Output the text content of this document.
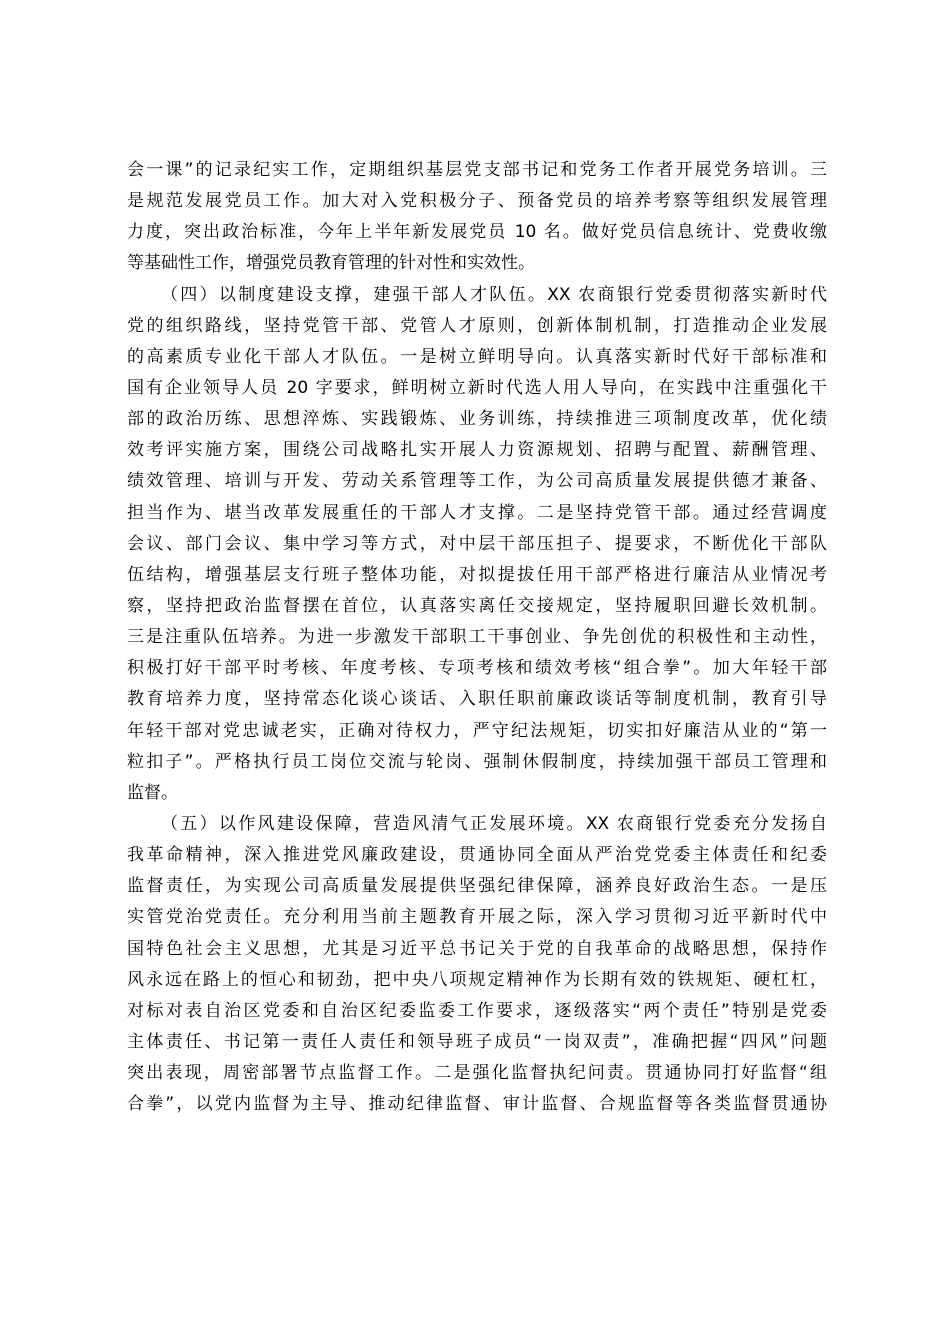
会一课”的记录纪实工作，定期组织基层党支部书记和党务工作者开展党务培训。三
是规范发展党员工作。加大对入党积极分子、预备党员的培养考察等组织发展管理
力度，突出政治标准，今年上半年新发展党员 10 名。做好党员信息统计、党费收缴
等基础性工作，增强党员教育管理的针对性和实效性。
（四）以制度建设支撑，建强干部人才队伍。XX 农商银行党委贯彻落实新时代
党的组织路线，坚持党管干部、党管人才原则，创新体制机制，打造推动企业发展
的高素质专业化干部人才队伍。一是树立鲜明导向。认真落实新时代好干部标准和
国有企业领导人员 20 字要求，鲜明树立新时代选人用人导向，在实践中注重强化干
部的政治历练、思想淬炼、实践锻炼、业务训练，持续推进三项制度改革，优化绩
效考评实施方案，围绕公司战略扎实开展人力资源规划、招聘与配置、薪酬管理、
绩效管理、培训与开发、劳动关系管理等工作，为公司高质量发展提供德才兼备、
担当作为、堪当改革发展重任的干部人才支撑。二是坚持党管干部。通过经营调度
会议、部门会议、集中学习等方式，对中层干部压担子、提要求，不断优化干部队
伍结构，增强基层支行班子整体功能，对拟提拔任用干部严格进行廉洁从业情况考
察，坚持把政治监督摆在首位，认真落实离任交接规定，坚持履职回避长效机制。
三是注重队伍培养。为进一步激发干部职工干事创业、争先创优的积极性和主动性，
积极打好干部平时考核、年度考核、专项考核和绩效考核“组合拳”。加大年轻干部
教育培养力度，坚持常态化谈心谈话、入职任职前廉政谈话等制度机制，教育引导
年轻干部对党忠诚老实，正确对待权力，严守纪法规矩，切实扣好廉洁从业的“第一
粒扣子”。严格执行员工岗位交流与轮岗、强制休假制度，持续加强干部员工管理和
监督。
（五）以作风建设保障，营造风清气正发展环境。XX 农商银行党委充分发扬自
我革命精神，深入推进党风廉政建设，贯通协同全面从严治党党委主体责任和纪委
监督责任，为实现公司高质量发展提供坚强纪律保障，涵养良好政治生态。一是压
实管党治党责任。充分利用当前主题教育开展之际，深入学习贯彻习近平新时代中
国特色社会主义思想，尤其是习近平总书记关于党的自我革命的战略思想，保持作
风永远在路上的恒心和韧劲，把中央八项规定精神作为长期有效的铁规矩、硬杠杠，
对标对表自治区党委和自治区纪委监委工作要求，逐级落实“两个责任”特别是党委
主体责任、书记第一责任人责任和领导班子成员“一岗双责”，准确把握“四风”问题
突出表现，周密部署节点监督工作。二是强化监督执纪问责。贯通协同打好监督“组
合拳”，以党内监督为主导、推动纪律监督、审计监督、合规监督等各类监督贯通协
